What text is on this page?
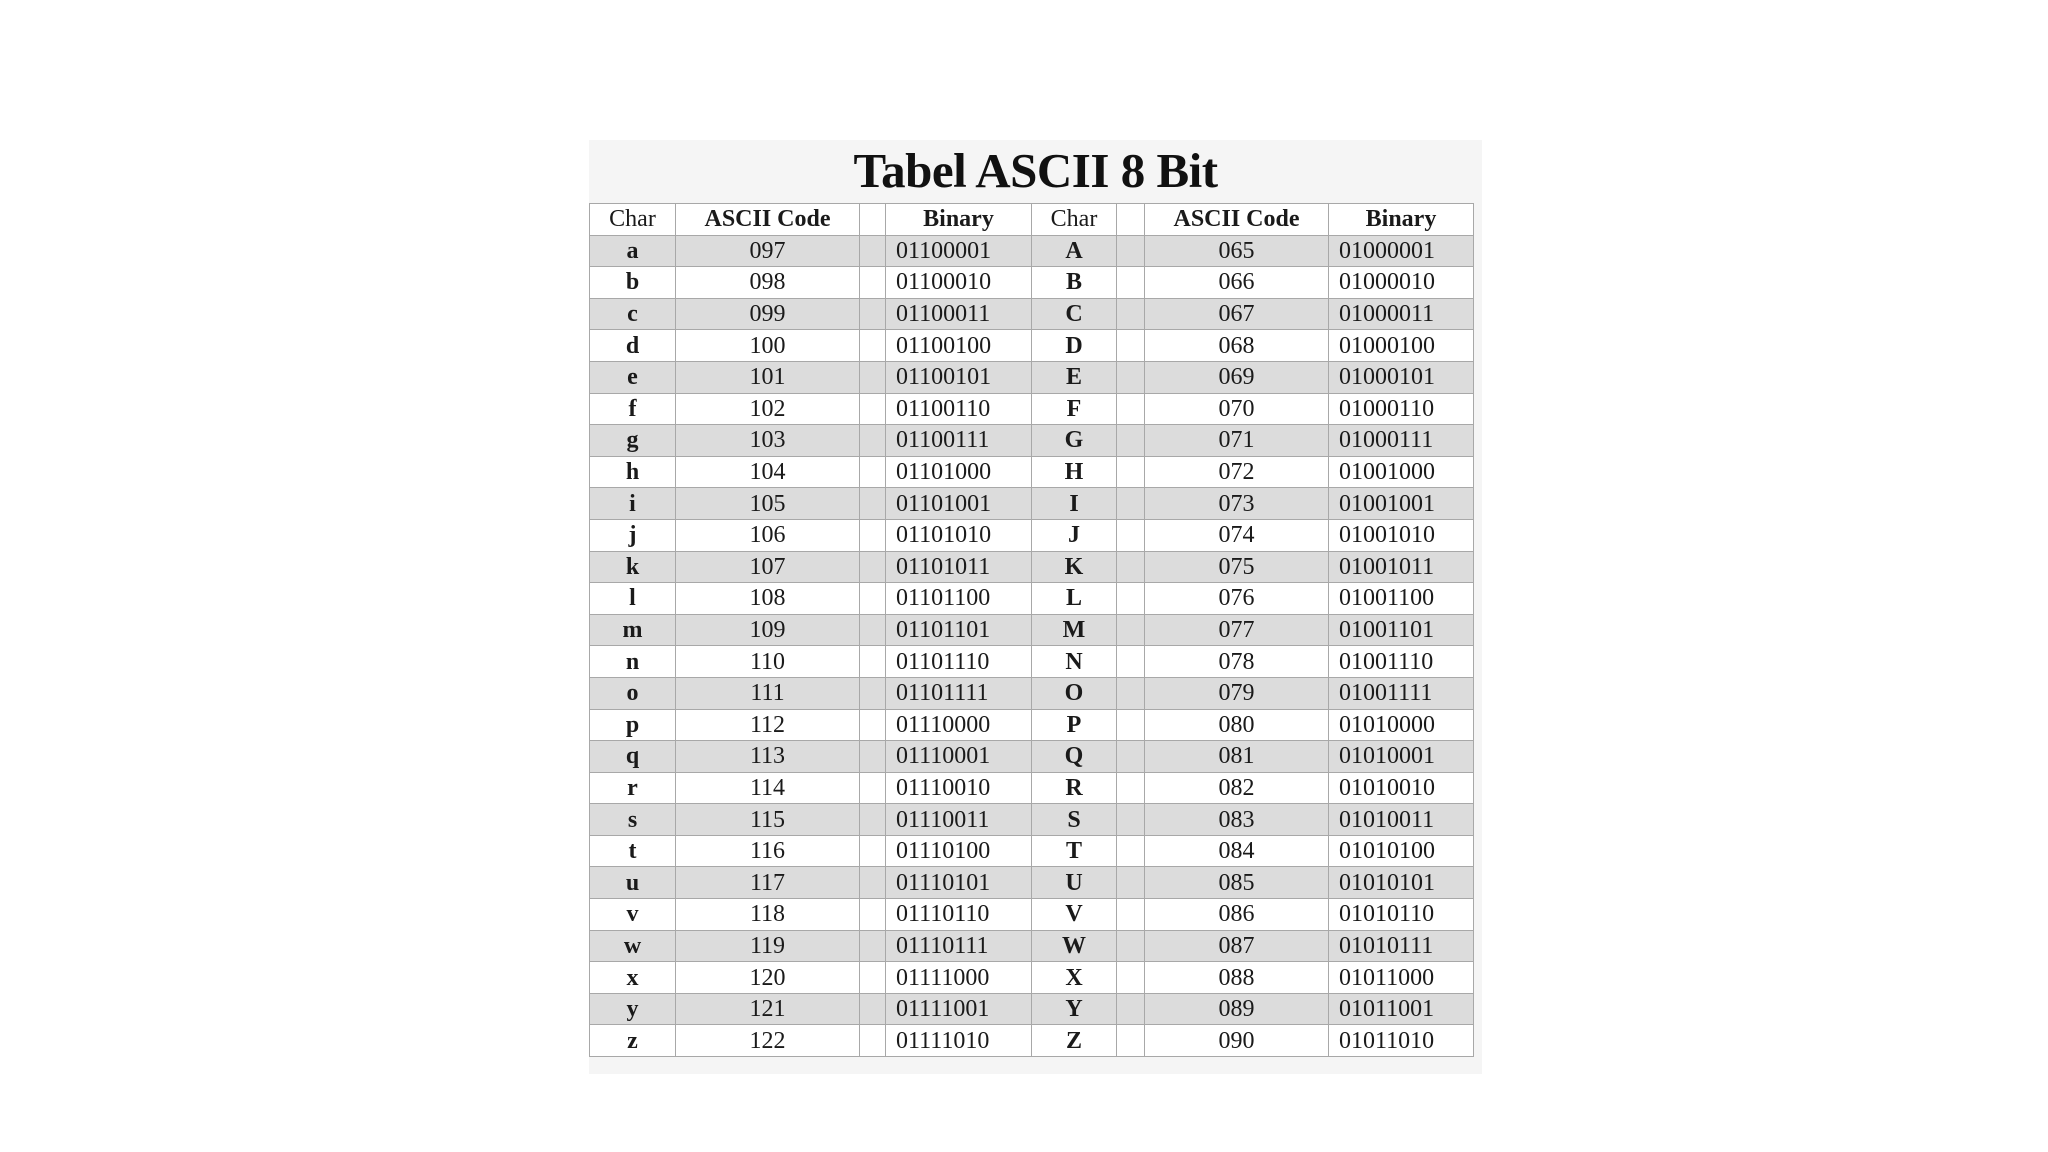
Tabel ASCII 8 Bit
Char	ASCII Code		Binary	Char		ASCII Code	Binary
a	097		01100001	A		065	01000001
b	098		01100010	B		066	01000010
c	099		01100011	C		067	01000011
d	100		01100100	D		068	01000100
e	101		01100101	E		069	01000101
f	102		01100110	F		070	01000110
g	103		01100111	G		071	01000111
h	104		01101000	H		072	01001000
i	105		01101001	I		073	01001001
j	106		01101010	J		074	01001010
k	107		01101011	K		075	01001011
l	108		01101100	L		076	01001100
m	109		01101101	M		077	01001101
n	110		01101110	N		078	01001110
o	111		01101111	O		079	01001111
p	112		01110000	P		080	01010000
q	113		01110001	Q		081	01010001
r	114		01110010	R		082	01010010
s	115		01110011	S		083	01010011
t	116		01110100	T		084	01010100
u	117		01110101	U		085	01010101
v	118		01110110	V		086	01010110
w	119		01110111	W		087	01010111
x	120		01111000	X		088	01011000
y	121		01111001	Y		089	01011001
z	122		01111010	Z		090	01011010
